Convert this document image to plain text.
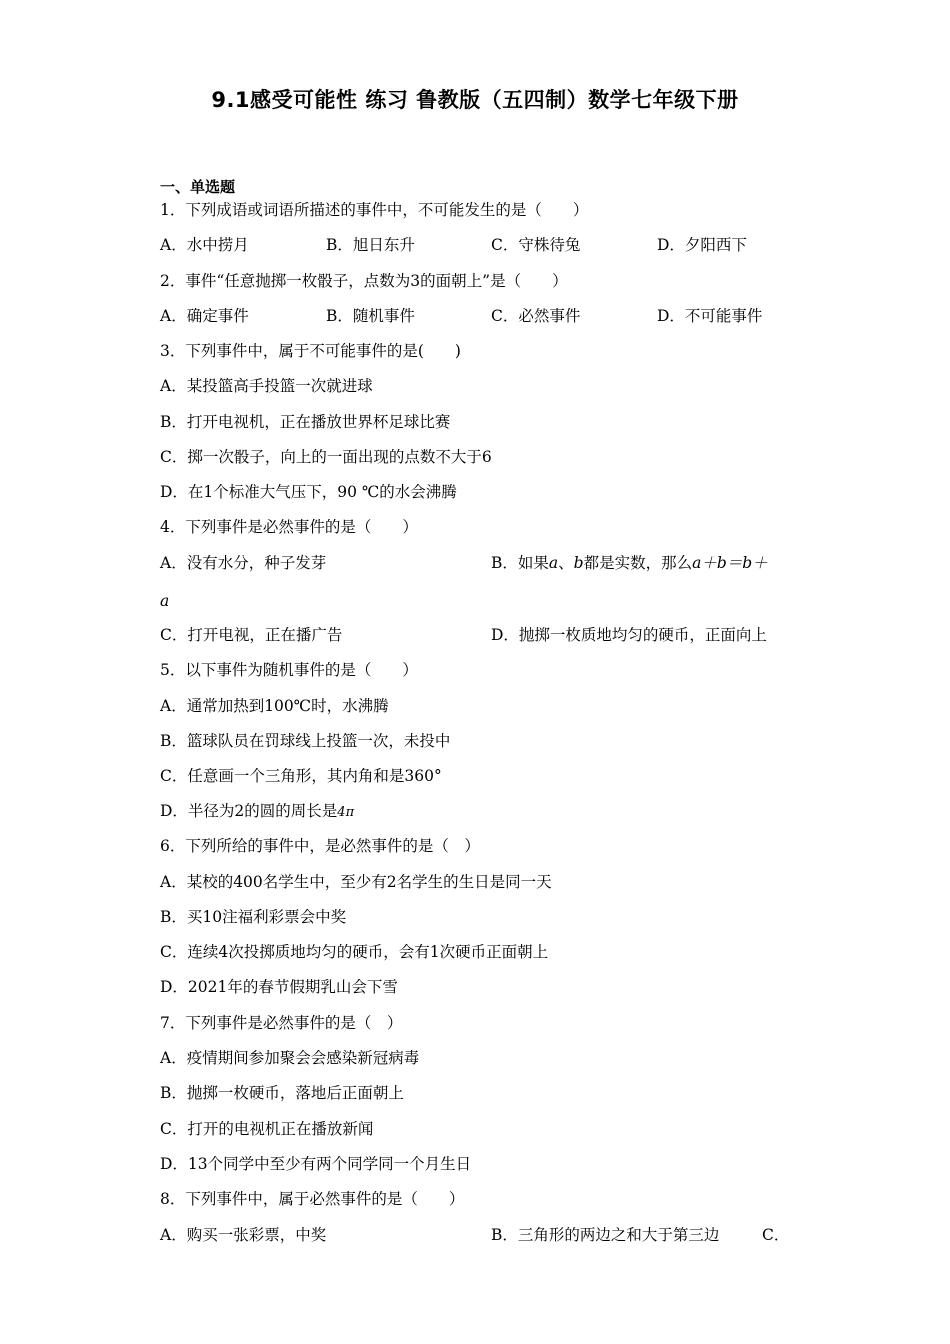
9.1感受可能性 练习 鲁教版（五四制）数学七年级下册
一、单选题
1．下列成语或词语所描述的事件中，不可能发生的是（　　）
A．水中捞月	B．旭日东升	C．守株待兔	D．夕阳西下
2．事件“任意抛掷一枚骰子，点数为3的面朝上”是（　　）
A．确定事件	B．随机事件	C．必然事件	D．不可能事件
3．下列事件中，属于不可能事件的是(　　)
A．某投篮高手投篮一次就进球
B．打开电视机，正在播放世界杯足球比赛
C．掷一次骰子，向上的一面出现的点数不大于6
D．在1个标准大气压下，90 ℃的水会沸腾
4．下列事件是必然事件的是（　　）
A．没有水分，种子发芽	B．如果a、b都是实数，那么a＋b＝b＋
a
C．打开电视，正在播广告	D．抛掷一枚质地均匀的硬币，正面向上
5．以下事件为随机事件的是（　　）
A．通常加热到100℃时，水沸腾
B．篮球队员在罚球线上投篮一次，未投中
C．任意画一个三角形，其内角和是360°
D．半径为2的圆的周长是4π
6．下列所给的事件中，是必然事件的是（　）
A．某校的400名学生中，至少有2名学生的生日是同一天
B．买10注福利彩票会中奖
C．连续4次投掷质地均匀的硬币，会有1次硬币正面朝上
D．2021年的春节假期乳山会下雪
7．下列事件是必然事件的是（　）
A．疫情期间参加聚会会感染新冠病毒
B．抛掷一枚硬币，落地后正面朝上
C．打开的电视机正在播放新闻
D．13个同学中至少有两个同学同一个月生日
8．下列事件中，属于必然事件的是（　　）
A．购买一张彩票，中奖	B．三角形的两边之和大于第三边	C．
